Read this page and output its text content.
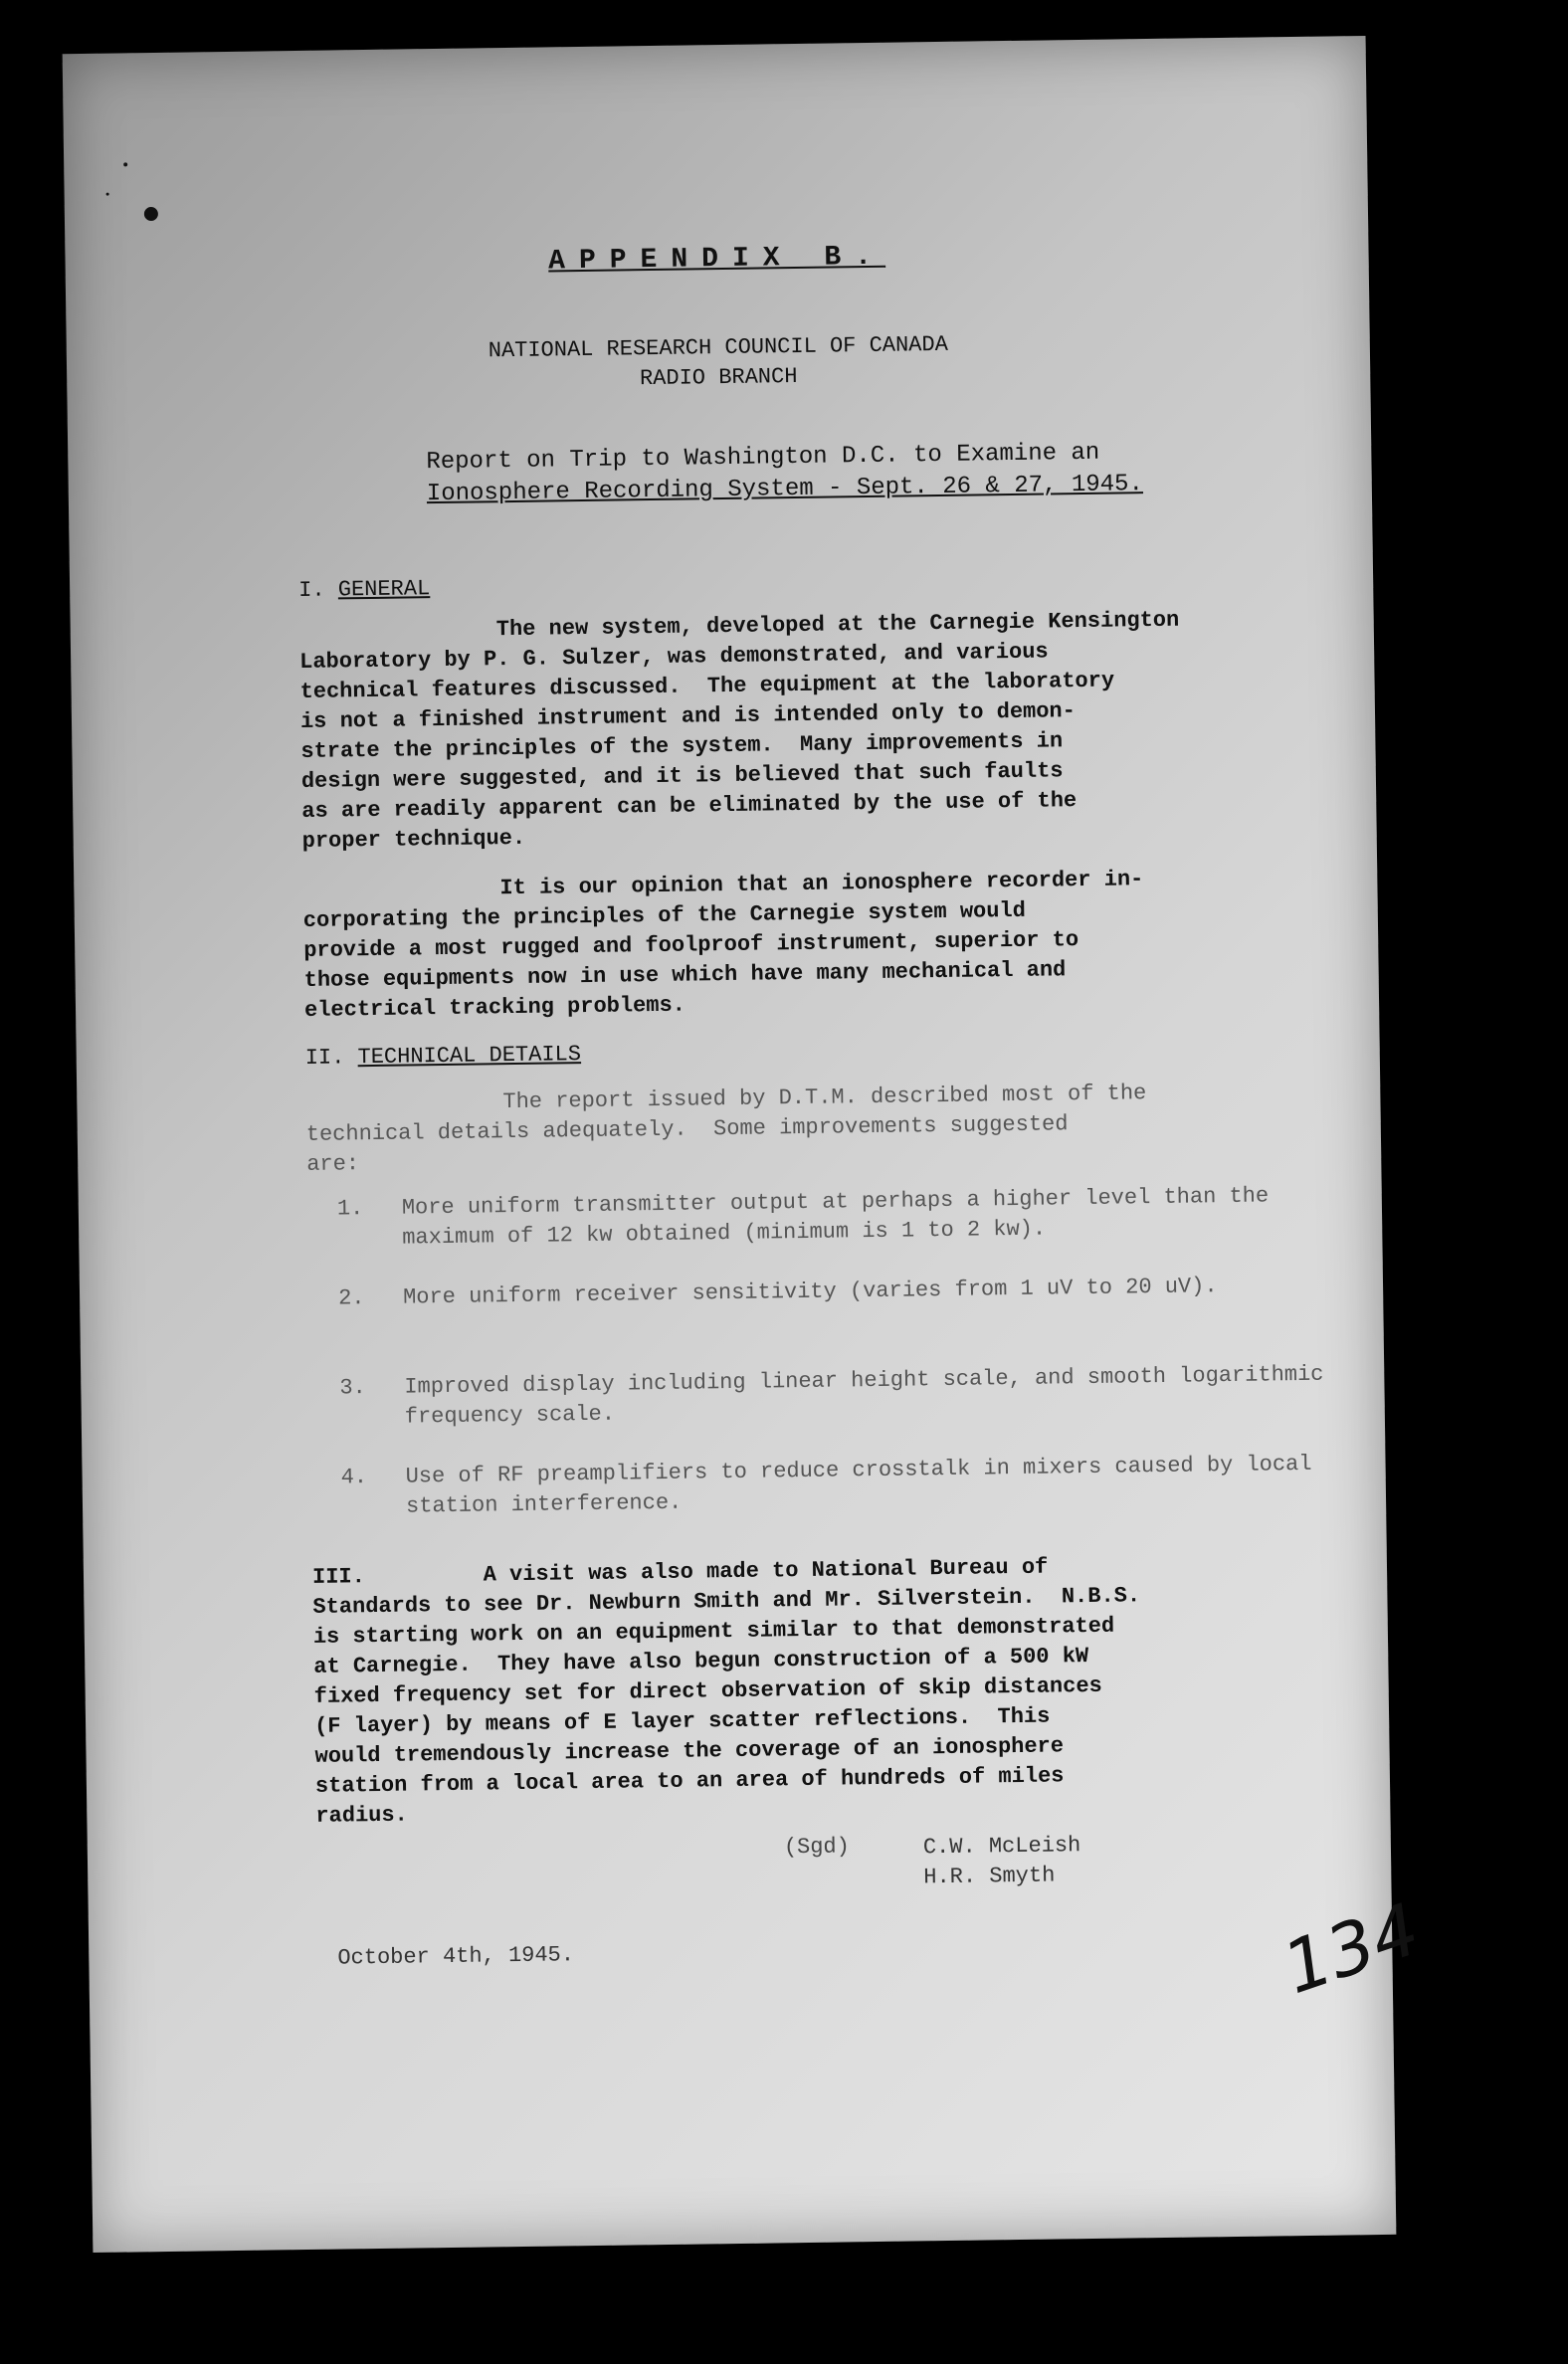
APPENDIX B.
NATIONAL RESEARCH COUNCIL OF CANADA
RADIO BRANCH
Report on Trip to Washington D.C. to Examine an
Ionosphere Recording System - Sept. 26 & 27, 1945.
I. GENERAL
The new system, developed at the Carnegie Kensington
Laboratory by P. G. Sulzer, was demonstrated, and various
technical features discussed.  The equipment at the laboratory
is not a finished instrument and is intended only to demon-
strate the principles of the system.  Many improvements in
design were suggested, and it is believed that such faults
as are readily apparent can be eliminated by the use of the
proper technique.
It is our opinion that an ionosphere recorder in-
corporating the principles of the Carnegie system would
provide a most rugged and foolproof instrument, superior to
those equipments now in use which have many mechanical and
electrical tracking problems.
II. TECHNICAL DETAILS
The report issued by D.T.M. described most of the
technical details adequately.  Some improvements suggested
are:
1. More uniform transmitter output at perhaps a higher level than the maximum of 12 kw obtained (minimum is 1 to 2 kw).
2. More uniform receiver sensitivity (varies from 1 uV to 20 uV).
3. Improved display including linear height scale, and smooth logarithmic frequency scale.
4. Use of RF preamplifiers to reduce crosstalk in mixers caused by local station interference.
III.         A visit was also made to National Bureau of
Standards to see Dr. Newburn Smith and Mr. Silverstein.  N.B.S.
is starting work on an equipment similar to that demonstrated
at Carnegie.  They have also begun construction of a 500 kW
fixed frequency set for direct observation of skip distances
(F layer) by means of E layer scatter reflections.  This
would tremendously increase the coverage of an ionosphere
station from a local area to an area of hundreds of miles
radius.
(Sgd)	C.W. McLeish
H.R. Smyth
October 4th, 1945.	134
